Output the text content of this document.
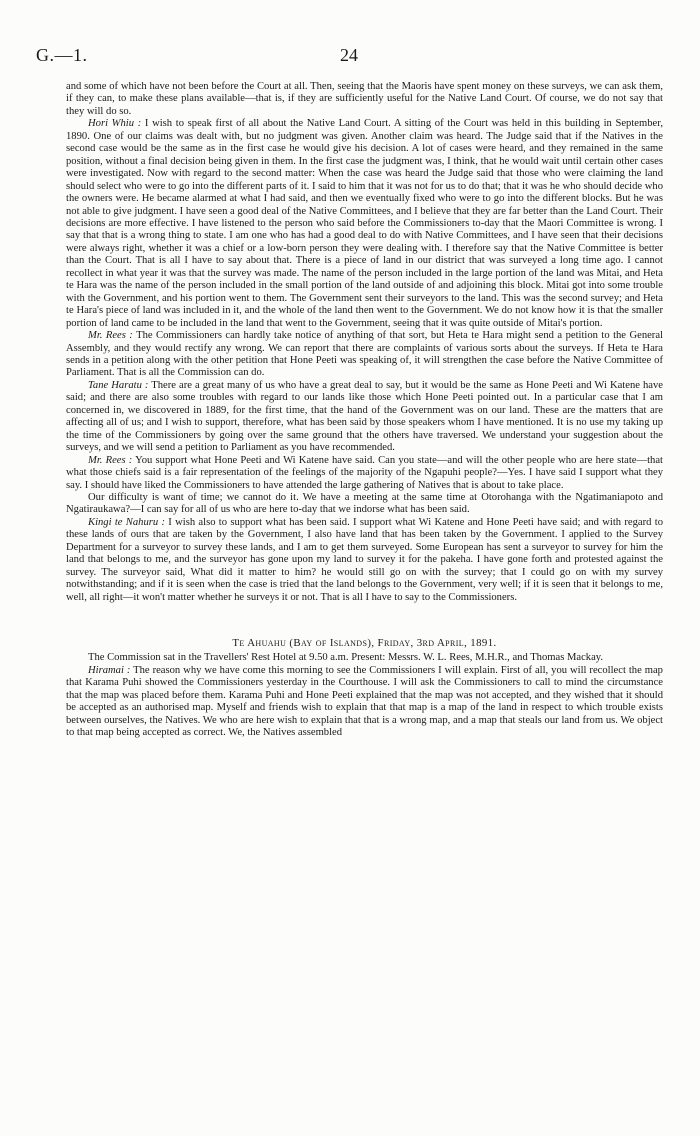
G.—1.	24

and some of which have not been before the Court at all. Then, seeing that the Maoris have spent money on these surveys, we can ask them, if they can, to make these plans available—that is, if they are sufficiently useful for the Native Land Court. Of course, we do not say that they will do so.

Hori Whiu : I wish to speak first of all about the Native Land Court. A sitting of the Court was held in this building in September, 1890. One of our claims was dealt with, but no judgment was given. Another claim was heard. The Judge said that if the Natives in the second case would be the same as in the first case he would give his decision. A lot of cases were heard, and they remained in the same position, without a final decision being given in them. In the first case the judgment was, I think, that he would wait until certain other cases were investigated. Now with regard to the second matter: When the case was heard the Judge said that those who were claiming the land should select who were to go into the different parts of it. I said to him that it was not for us to do that; that it was he who should decide who the owners were. He became alarmed at what I had said, and then we eventually fixed who were to go into the different blocks. But he was not able to give judgment. I have seen a good deal of the Native Committees, and I believe that they are far better than the Land Court. Their decisions are more effective. I have listened to the person who said before the Commissioners to-day that the Maori Committee is wrong. I say that that is a wrong thing to state. I am one who has had a good deal to do with Native Committees, and I have seen that their decisions were always right, whether it was a chief or a low-born person they were dealing with. I therefore say that the Native Committee is better than the Court. That is all I have to say about that. There is a piece of land in our district that was surveyed a long time ago. I cannot recollect in what year it was that the survey was made. The name of the person included in the large portion of the land was Mitai, and Heta te Hara was the name of the person included in the small portion of the land outside of and adjoining this block. Mitai got into some trouble with the Government, and his portion went to them. The Government sent their surveyors to the land. This was the second survey; and Heta te Hara's piece of land was included in it, and the whole of the land then went to the Government. We do not know how it is that the smaller portion of land came to be included in the land that went to the Government, seeing that it was quite outside of Mitai's portion.

Mr. Rees : The Commissioners can hardly take notice of anything of that sort, but Heta te Hara might send a petition to the General Assembly, and they would rectify any wrong. We can report that there are complaints of various sorts about the surveys. If Heta te Hara sends in a petition along with the other petition that Hone Peeti was speaking of, it will strengthen the case before the Native Committee of Parliament. That is all the Commission can do.

Tane Haratu : There are a great many of us who have a great deal to say, but it would be the same as Hone Peeti and Wi Katene have said; and there are also some troubles with regard to our lands like those which Hone Peeti pointed out. In a particular case that I am concerned in, we discovered in 1889, for the first time, that the hand of the Government was on our land. These are the matters that are affecting all of us; and I wish to support, therefore, what has been said by those speakers whom I have mentioned. It is no use my taking up the time of the Commissioners by going over the same ground that the others have traversed. We understand your suggestion about the surveys, and we will send a petition to Parliament as you have recommended.

Mr. Rees : You support what Hone Peeti and Wi Katene have said. Can you state—and will the other people who are here state—that what those chiefs said is a fair representation of the feelings of the majority of the Ngapuhi people?—Yes. I have said I support what they say. I should have liked the Commissioners to have attended the large gathering of Natives that is about to take place.

Our difficulty is want of time; we cannot do it. We have a meeting at the same time at Otorohanga with the Ngatimaniapoto and Ngatiraukawa?—I can say for all of us who are here to-day that we indorse what has been said.

Kingi te Nahuru : I wish also to support what has been said. I support what Wi Katene and Hone Peeti have said; and with regard to these lands of ours that are taken by the Government, I also have land that has been taken by the Government. I applied to the Survey Department for a surveyor to survey these lands, and I am to get them surveyed. Some European has sent a surveyor to survey for him the land that belongs to me, and the surveyor has gone upon my land to survey it for the pakeha. I have gone forth and protested against the survey. The surveyor said, What did it matter to him? he would still go on with the survey; that I could go on with my survey notwithstanding; and if it is seen when the case is tried that the land belongs to the Government, very well; if it is seen that it belongs to me, well, all right—it won't matter whether he surveys it or not. That is all I have to say to the Commissioners.

Te Ahuahu (Bay of Islands), Friday, 3rd April, 1891.

The Commission sat in the Travellers' Rest Hotel at 9.50 a.m. Present: Messrs. W. L. Rees, M.H.R., and Thomas Mackay.

Hiramai : The reason why we have come this morning to see the Commissioners I will explain. First of all, you will recollect the map that Karama Puhi showed the Commissioners yesterday in the Courthouse. I will ask the Commissioners to call to mind the circumstance that the map was placed before them. Karama Puhi and Hone Peeti explained that the map was not accepted, and they wished that it should be accepted as an authorised map. Myself and friends wish to explain that that map is a map of the land in respect to which trouble exists between ourselves, the Natives. We who are here wish to explain that that is a wrong map, and a map that steals our land from us. We object to that map being accepted as correct. We, the Natives assembled
